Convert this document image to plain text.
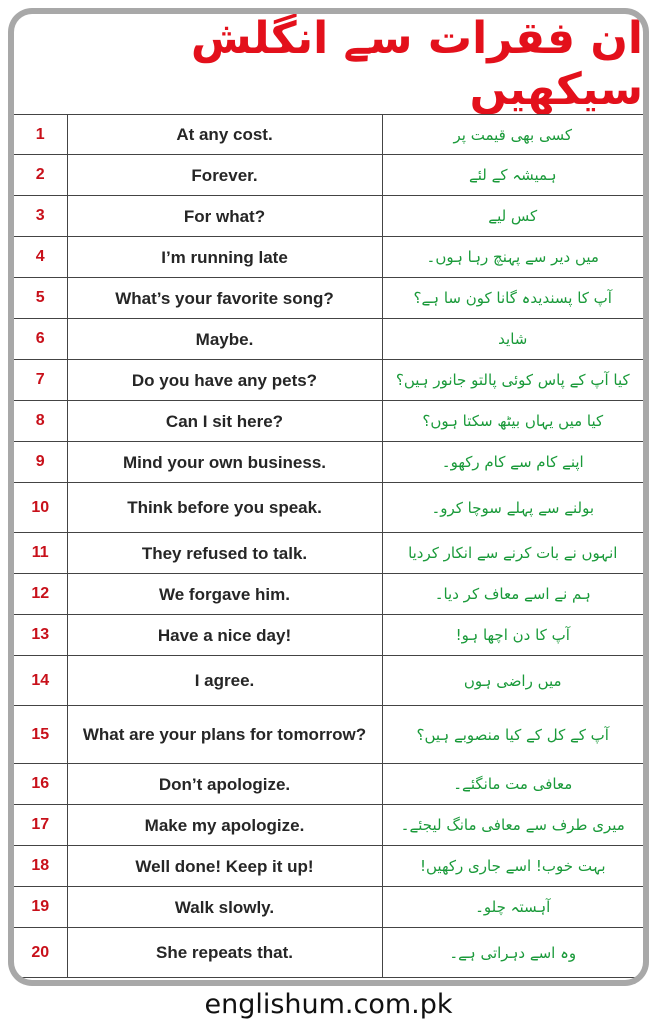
ان فقرات سے انگلش سیکھیں
1	At any cost.	کسی بھی قیمت پر
2	Forever.	ہمیشہ کے لئے
3	For what?	کس لیے
4	I’m running late	میں دیر سے پہنچ رہا ہوں۔
5	What’s your favorite song?	آپ کا پسندیدہ گانا کون سا ہے؟
6	Maybe.	شاید
7	Do you have any pets?	کیا آپ کے پاس کوئی پالتو جانور ہیں؟
8	Can I sit here?	کیا میں یہاں بیٹھ سکتا ہوں؟
9	Mind your own business.	اپنے کام سے کام رکھو۔
10	Think before you speak.	بولنے سے پہلے سوچا کرو۔
11	They refused to talk.	انہوں نے بات کرنے سے انکار کردیا
12	We forgave him.	ہم نے اسے معاف کر دیا۔
13	Have a nice day!	آپ کا دن اچھا ہو!
14	I agree.	میں راضی ہوں
15	What are your plans for tomorrow?	آپ کے کل کے کیا منصوبے ہیں؟
16	Don’t apologize.	معافی مت مانگئے۔
17	Make my apologize.	میری طرف سے معافی مانگ لیجئے۔
18	Well done! Keep it up!	بہت خوب! اسے جاری رکھیں!
19	Walk slowly.	آہستہ چلو۔
20	She repeats that.	وہ اسے دہراتی ہے۔
englishum.com.pk
